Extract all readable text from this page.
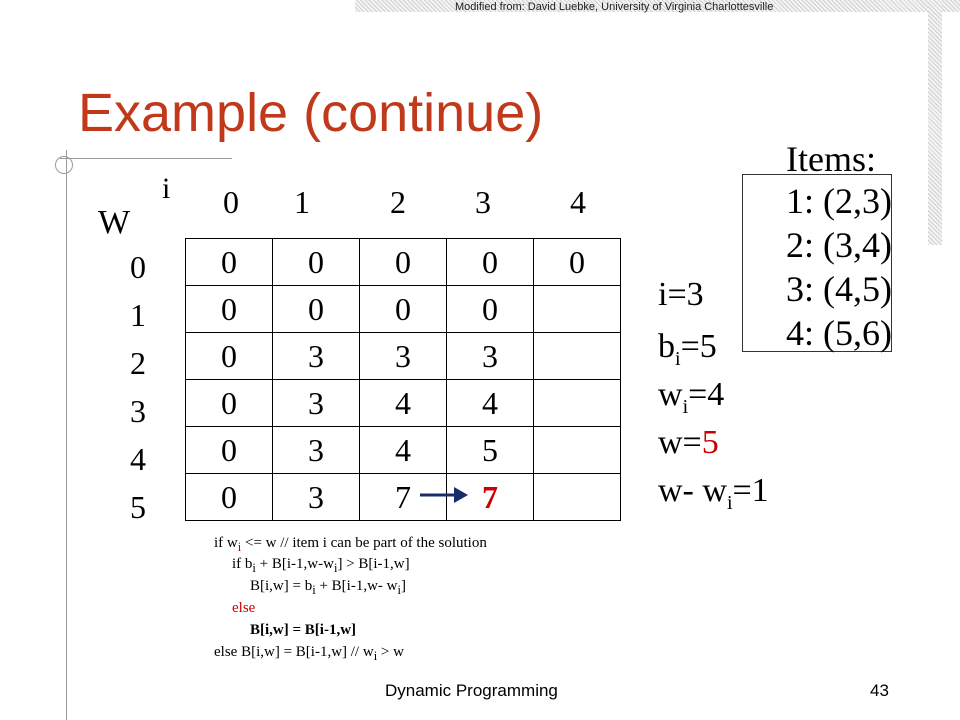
Modified from: David Luebke, University of Virginia Charlottesville
Example (continue)
i
W
0	1	2	3	4
0
1
2
3
4
5
0	0	0	0	0
0	0	0	0	
0	3	3	3	
0	3	4	4	
0	3	4	5	
0	3	7	7	
Items:
1: (2,3)
2: (3,4)
3: (4,5)
4: (5,6)
i=3
$b_i=5$
$w_i=4$
w=5
w- $w_i=1$
if $w_i <= w$ // item i can be part of the solution
if $b_i + B[i-1,w-w_i] > B[i-1,w]$
$B[i,w] = b_i + B[i-1,w-$ $w_i$]
else
B[i,w] = B[i-1,w]
else $B[i,w] = B[i-1,w] // w_i > w$
Dynamic Programming	43
